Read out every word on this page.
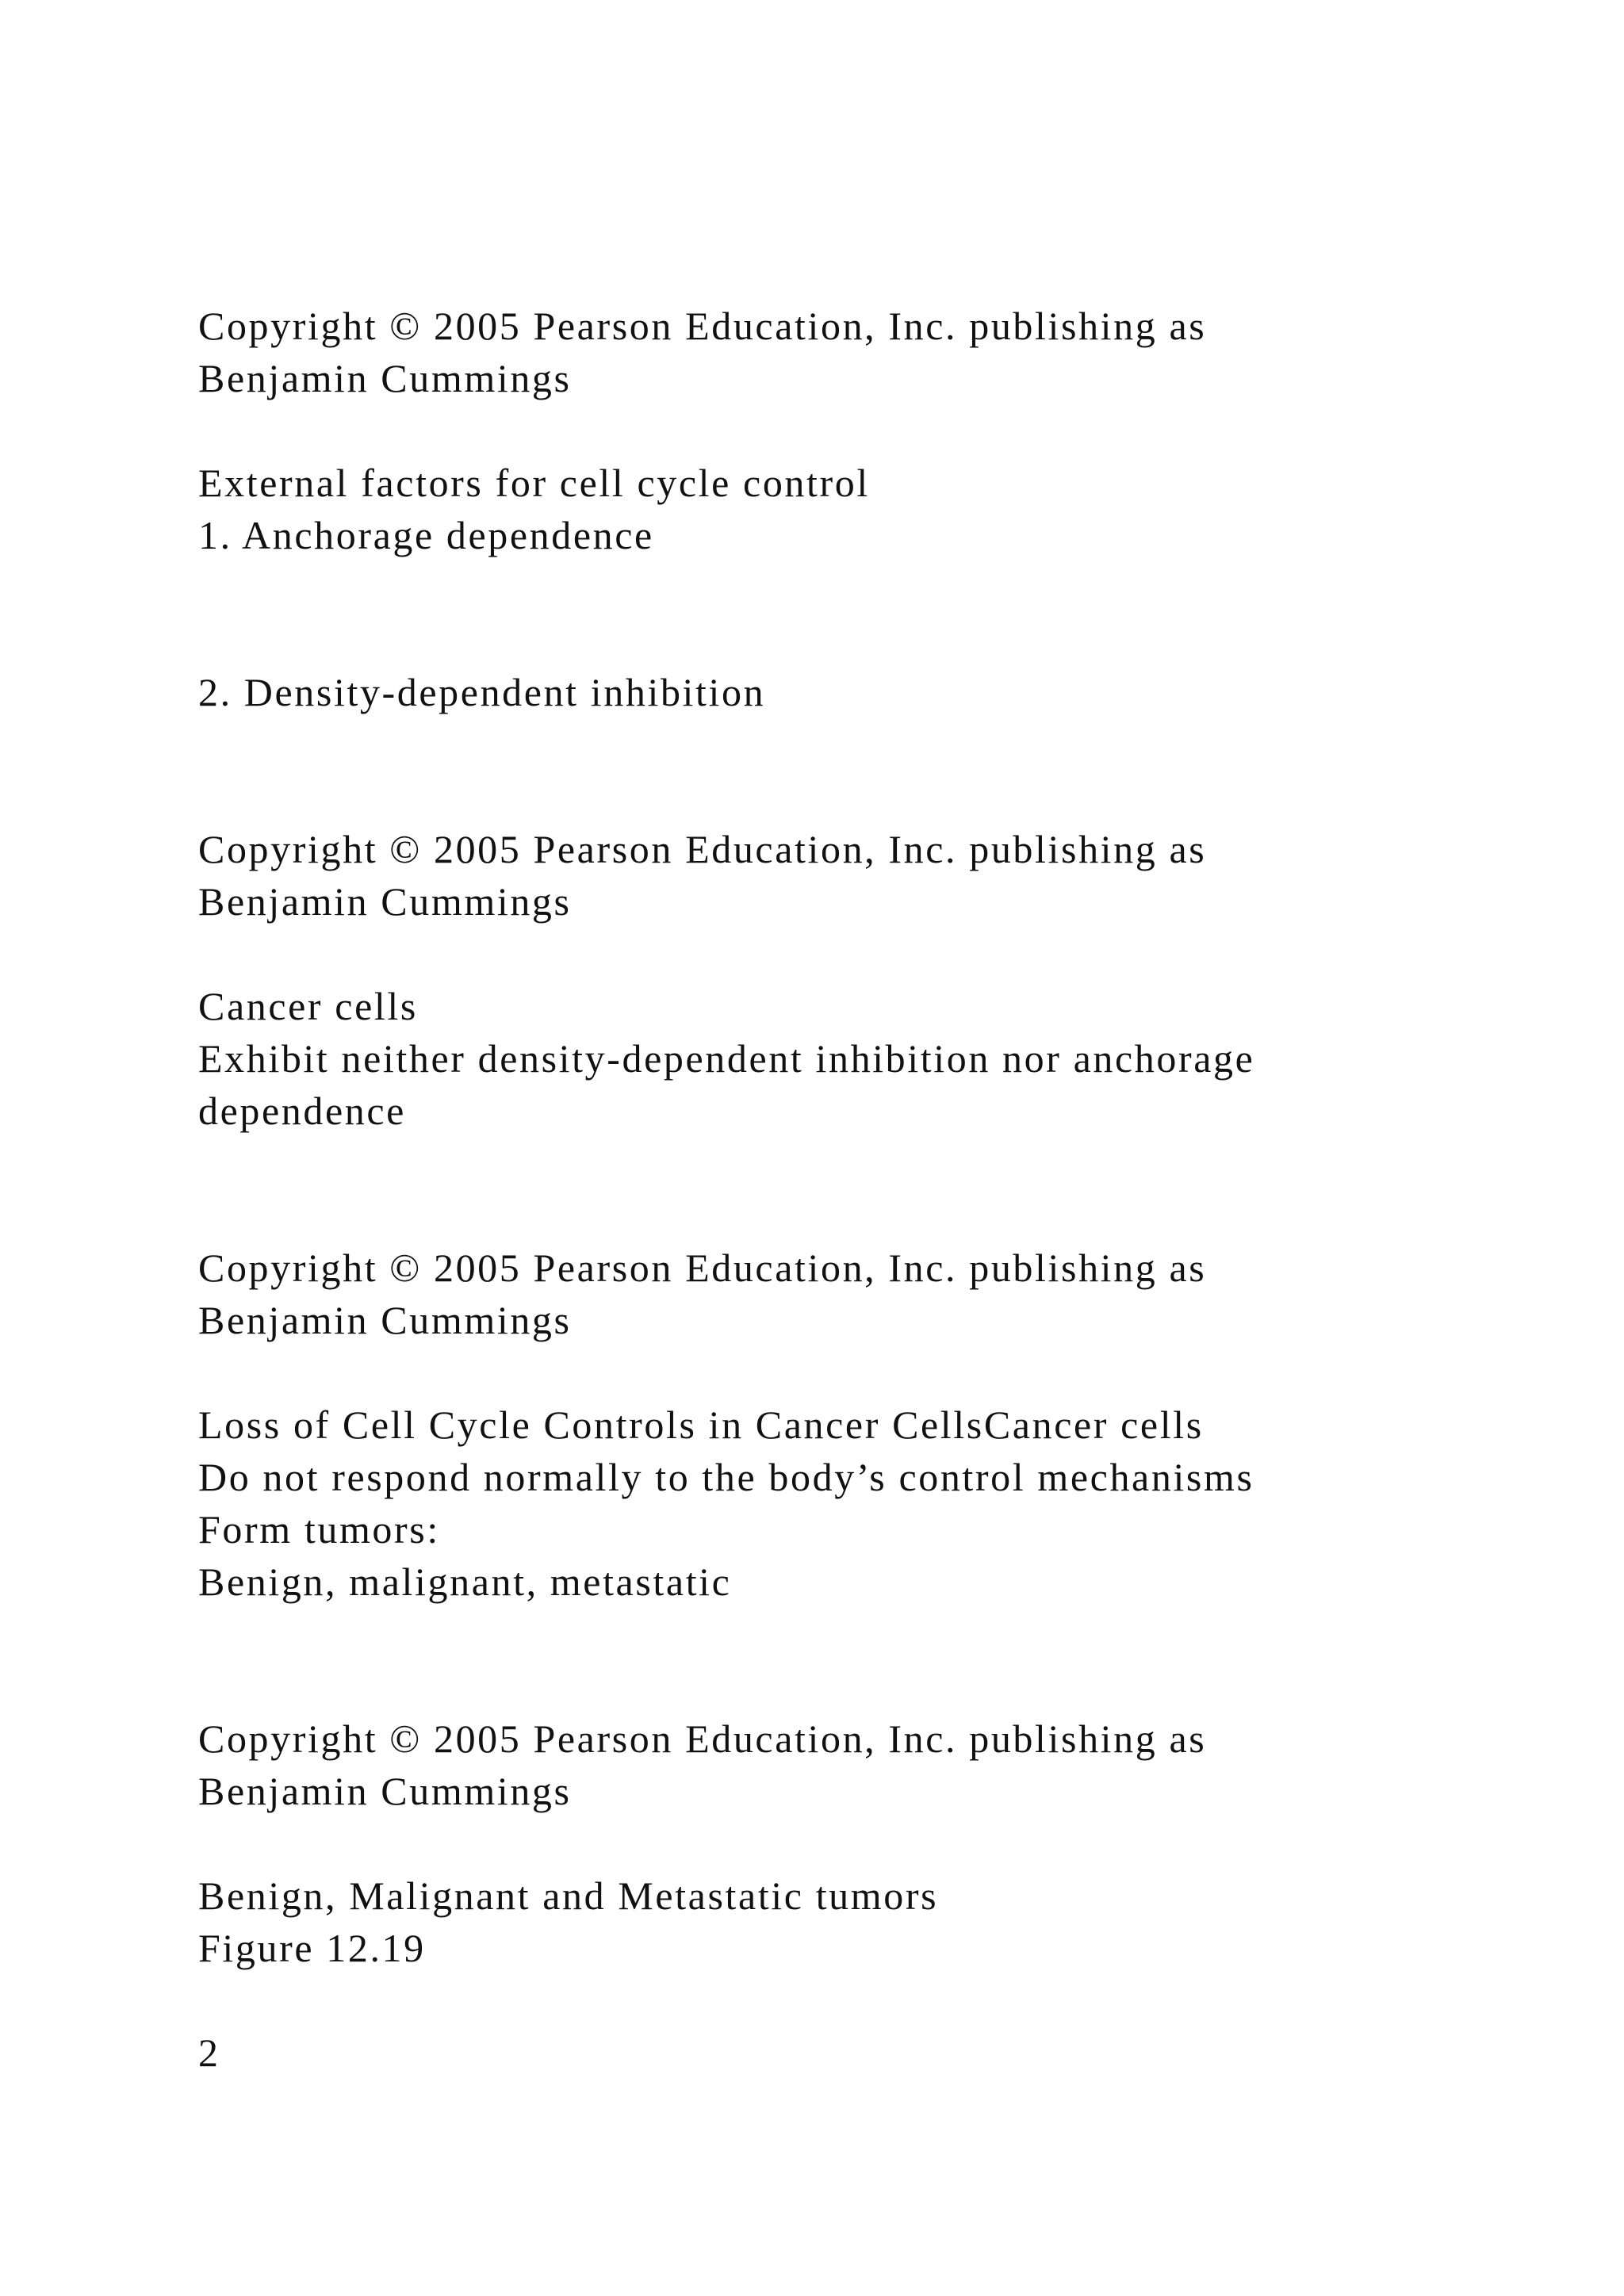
Copyright © 2005 Pearson Education, Inc. publishing as

Benjamin Cummings

External factors for cell cycle control

1. Anchorage dependence

2. Density-dependent inhibition

Copyright © 2005 Pearson Education, Inc. publishing as

Benjamin Cummings

Cancer cells

Exhibit neither density-dependent inhibition nor anchorage

dependence

Copyright © 2005 Pearson Education, Inc. publishing as

Benjamin Cummings

Loss of Cell Cycle Controls in Cancer CellsCancer cells

Do not respond normally to the body’s control mechanisms

Form tumors:

Benign, malignant, metastatic

Copyright © 2005 Pearson Education, Inc. publishing as

Benjamin Cummings

Benign, Malignant and Metastatic tumors

Figure 12.19

2
